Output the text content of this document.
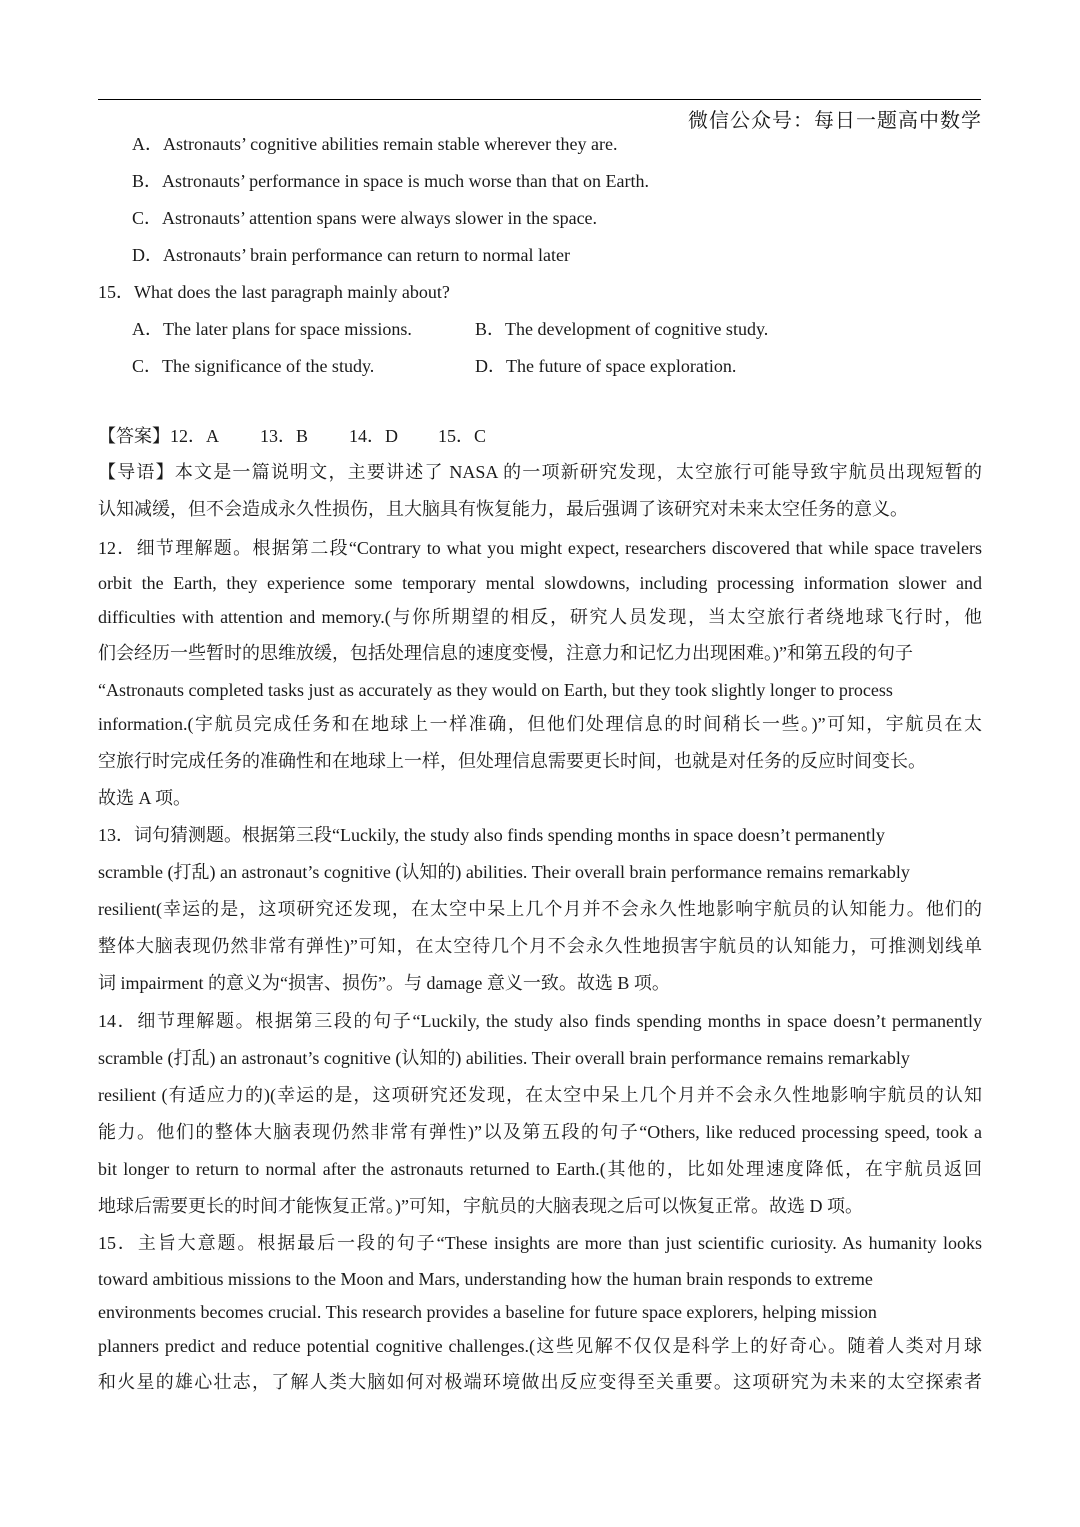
微信公众号：每日一题高中数学
A．Astronauts’ cognitive abilities remain stable wherever they are.
B．Astronauts’ performance in space is much worse than that on Earth.
C．Astronauts’ attention spans were always slower in the space.
D．Astronauts’ brain performance can return to normal later
15．What does the last paragraph mainly about?
A．The later plans for space missions.	B．The development of cognitive study.
C．The significance of the study.	D．The future of space exploration.
【答案】12．A 13．B 14．D 15．C
【导语】本文是一篇说明文，主要讲述了 NASA 的一项新研究发现，太空旅行可能导致宇航员出现短暂的
认知减缓，但不会造成永久性损伤，且大脑具有恢复能力，最后强调了该研究对未来太空任务的意义。
12．细节理解题。根据第二段“Contrary to what you might expect, researchers discovered that while space travelers
orbit the Earth, they experience some temporary mental slowdowns, including processing information slower and
difficulties with attention and memory.(与你所期望的相反，研究人员发现，当太空旅行者绕地球飞行时，他
们会经历一些暂时的思维放缓，包括处理信息的速度变慢，注意力和记忆力出现困难。)”和第五段的句子
“Astronauts completed tasks just as accurately as they would on Earth, but they took slightly longer to process
information.(宇航员完成任务和在地球上一样准确，但他们处理信息的时间稍长一些。)”可知，宇航员在太
空旅行时完成任务的准确性和在地球上一样，但处理信息需要更长时间，也就是对任务的反应时间变长。
故选 A 项。
13．词句猜测题。根据第三段“Luckily, the study also finds spending months in space doesn’t permanently
scramble (打乱) an astronaut’s cognitive (认知的) abilities. Their overall brain performance remains remarkably
resilient(幸运的是，这项研究还发现，在太空中呆上几个月并不会永久性地影响宇航员的认知能力。他们的
整体大脑表现仍然非常有弹性)”可知，在太空待几个月不会永久性地损害宇航员的认知能力，可推测划线单
词 impairment 的意义为“损害、损伤”。与 damage 意义一致。故选 B 项。
14．细节理解题。根据第三段的句子“Luckily, the study also finds spending months in space doesn’t permanently
scramble (打乱) an astronaut’s cognitive (认知的) abilities. Their overall brain performance remains remarkably
resilient (有适应力的)(幸运的是，这项研究还发现，在太空中呆上几个月并不会永久性地影响宇航员的认知
能力。他们的整体大脑表现仍然非常有弹性)”以及第五段的句子“Others, like reduced processing speed, took a
bit longer to return to normal after the astronauts returned to Earth.(其他的，比如处理速度降低，在宇航员返回
地球后需要更长的时间才能恢复正常。)”可知，宇航员的大脑表现之后可以恢复正常。故选 D 项。
15．主旨大意题。根据最后一段的句子“These insights are more than just scientific curiosity. As humanity looks
toward ambitious missions to the Moon and Mars, understanding how the human brain responds to extreme
environments becomes crucial. This research provides a baseline for future space explorers, helping mission
planners predict and reduce potential cognitive challenges.(这些见解不仅仅是科学上的好奇心。随着人类对月球
和火星的雄心壮志，了解人类大脑如何对极端环境做出反应变得至关重要。这项研究为未来的太空探索者
